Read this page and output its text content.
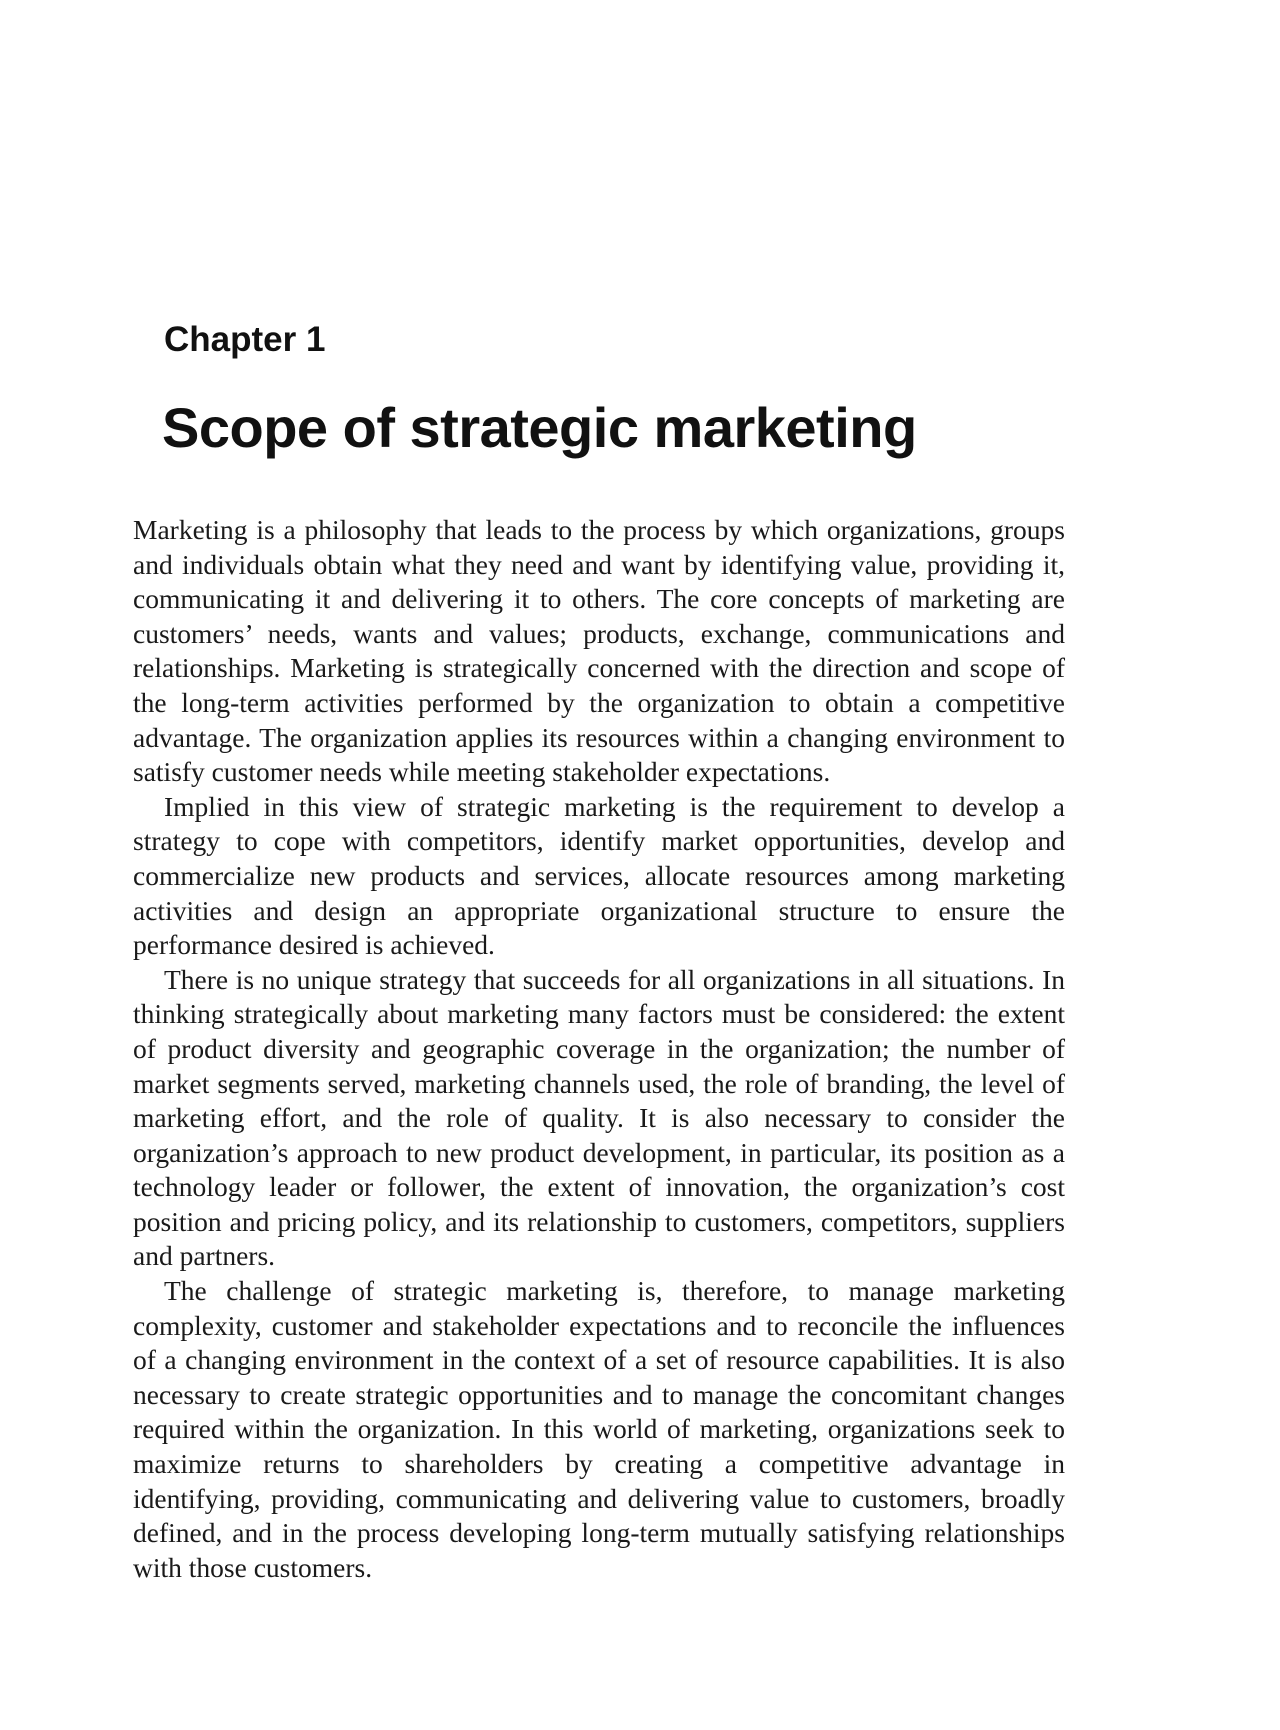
Chapter 1
Scope of strategic marketing

Marketing is a philosophy that leads to the process by which organizations, groups and individuals obtain what they need and want by identifying value, providing it, communicating it and delivering it to others. The core concepts of marketing are customers’ needs, wants and values; products, exchange, communications and relationships. Marketing is strategically concerned with the direction and scope of the long-term activities performed by the organization to obtain a competitive advantage. The organization applies its resources within a changing environment to satisfy customer needs while meeting stakeholder expectations.

Implied in this view of strategic marketing is the requirement to develop a strategy to cope with competitors, identify market opportunities, develop and commercialize new products and services, allocate resources among marketing activities and design an appropriate organizational structure to ensure the performance desired is achieved.

There is no unique strategy that succeeds for all organizations in all situations. In thinking strategically about marketing many factors must be considered: the extent of product diversity and geographic coverage in the organization; the number of market segments served, marketing channels used, the role of branding, the level of marketing effort, and the role of quality. It is also necessary to consider the organization’s approach to new product development, in particular, its position as a technology leader or follower, the extent of innovation, the organization’s cost position and pricing policy, and its relationship to customers, competitors, suppliers and partners.

The challenge of strategic marketing is, therefore, to manage marketing complexity, customer and stakeholder expectations and to reconcile the influences of a changing environment in the context of a set of resource capabilities. It is also necessary to create strategic opportunities and to manage the concomitant changes required within the organization. In this world of marketing, organizations seek to maximize returns to shareholders by creating a competitive advantage in identifying, providing, communicating and delivering value to customers, broadly defined, and in the process developing long-term mutually satisfying relationships with those customers.
